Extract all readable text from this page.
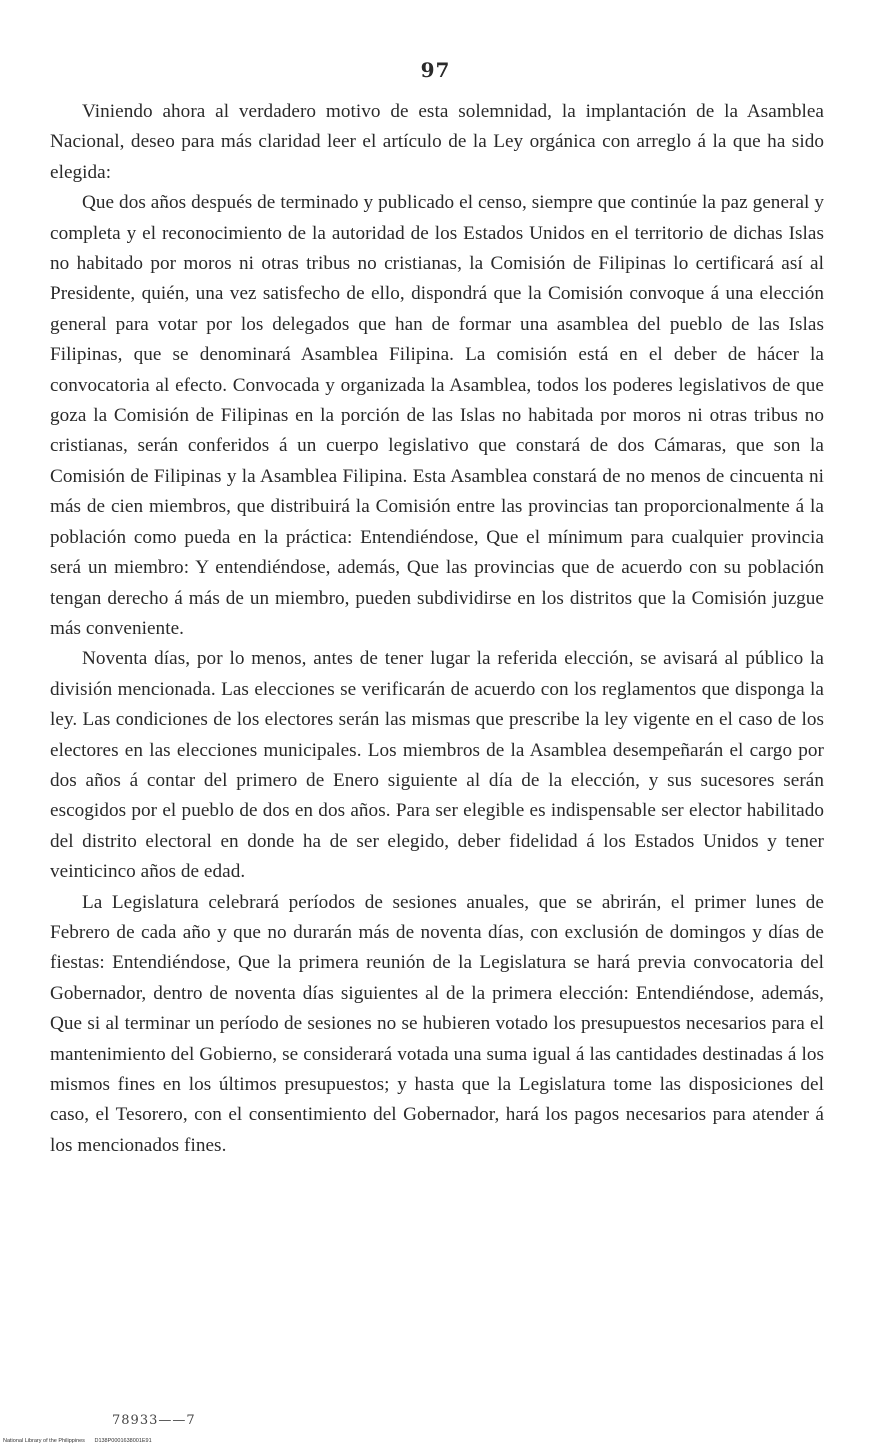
97

Viniendo ahora al verdadero motivo de esta solemnidad, la implantación de la Asamblea Nacional, deseo para más claridad leer el artículo de la Ley orgánica con arreglo á la que ha sido elegida:

Que dos años después de terminado y publicado el censo, siempre que continúe la paz general y completa y el reconocimiento de la autoridad de los Estados Unidos en el territorio de dichas Islas no habitado por moros ni otras tribus no cristianas, la Comisión de Filipinas lo certificará así al Presidente, quién, una vez satisfecho de ello, dispondrá que la Comisión convoque á una elección general para votar por los delegados que han de formar una asamblea del pueblo de las Islas Filipinas, que se denominará Asamblea Filipina. La comisión está en el deber de hácer la convocatoria al efecto. Convocada y organizada la Asamblea, todos los poderes legislativos de que goza la Comisión de Filipinas en la porción de las Islas no habitada por moros ni otras tribus no cristianas, serán conferidos á un cuerpo legislativo que constará de dos Cámaras, que son la Comisión de Filipinas y la Asamblea Filipina. Esta Asamblea constará de no menos de cincuenta ni más de cien miembros, que distribuirá la Comisión entre las provincias tan proporcionalmente á la población como pueda en la práctica: Entendiéndose, Que el mínimum para cualquier provincia será un miembro: Y entendiéndose, además, Que las provincias que de acuerdo con su población tengan derecho á más de un miembro, pueden subdividirse en los distritos que la Comisión juzgue más conveniente.

Noventa días, por lo menos, antes de tener lugar la referida elección, se avisará al público la división mencionada. Las elecciones se verificarán de acuerdo con los reglamentos que disponga la ley. Las condiciones de los electores serán las mismas que prescribe la ley vigente en el caso de los electores en las elecciones municipales. Los miembros de la Asamblea desempeñarán el cargo por dos años á contar del primero de Enero siguiente al día de la elección, y sus sucesores serán escogidos por el pueblo de dos en dos años. Para ser elegible es indispensable ser elector habilitado del distrito electoral en donde ha de ser elegido, deber fidelidad á los Estados Unidos y tener veinticinco años de edad.

La Legislatura celebrará períodos de sesiones anuales, que se abrirán, el primer lunes de Febrero de cada año y que no durarán más de noventa días, con exclusión de domingos y días de fiestas: Entendiéndose, Que la primera reunión de la Legislatura se hará previa convocatoria del Gobernador, dentro de noventa días siguientes al de la primera elección: Entendiéndose, además, Que si al terminar un período de sesiones no se hubieren votado los presupuestos necesarios para el mantenimiento del Gobierno, se considerará votada una suma igual á las cantidades destinadas á los mismos fines en los últimos presupuestos; y hasta que la Legislatura tome las disposiciones del caso, el Tesorero, con el consentimiento del Gobernador, hará los pagos necesarios para atender á los mencionados fines.

78933——7
National Library of the Philippines D138P0001638001E91
